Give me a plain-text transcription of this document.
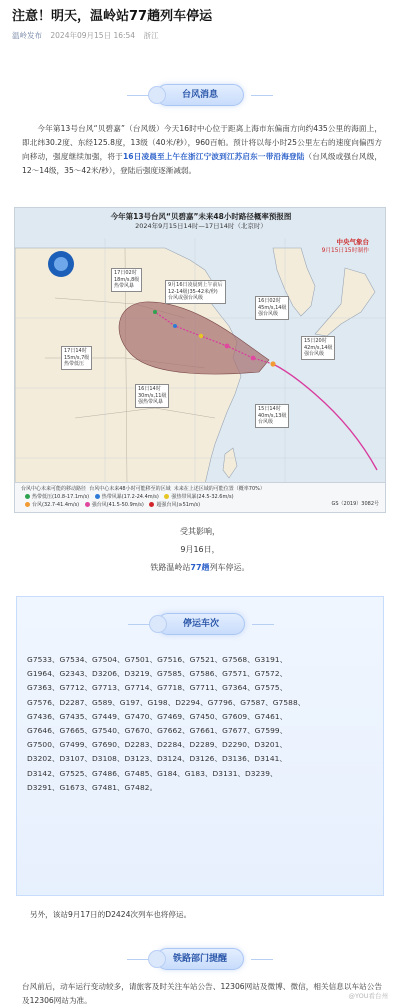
注意！明天，温岭站77趟列车停运
温岭发布 2024年09月15日 16:54 浙江
台风消息
  今年第13号台风“贝碧嘉”（台风级）今天16时中心位于距离上海市东偏南方向约435公里的海面上，即北纬30.2度、东经125.8度，13级（40米/秒），960百帕。预计将以每小时25公里左右的速度向偏西方向移动，强度继续加强，将于16日凌晨至上午在浙江宁波到江苏启东一带沿海登陆（台风级或强台风级，12～14级，35～42米/秒），登陆后强度逐渐减弱。
今年第13号台风“贝碧嘉”未来48小时路径概率预报图
2024年9月15日14时—17日14时（北京时）
中央气象台
9月15日15时制作
17日02时
18m/s,8级
热带风暴	9月16日凌晨到上午前后
12-14级(35-42米/秒)
台风或强台风级	16日02时
45m/s,14级
强台风级
15日20时
42m/s,14级
强台风级
17日14时
15m/s,7级
热带低压
16日14时
30m/s,11级
强热带风暴
15日14时
40m/s,13级
台风级
台风中心未来可能的移动路径 台风中心未来48小时可能移至的区域 未来在上述区域的可能位置（概率70%）
热带低压(10.8-17.1m/s)	热带风暴(17.2-24.4m/s)	强热带风暴(24.5-32.6m/s)
台风(32.7-41.4m/s)	强台风(41.5-50.9m/s)	超强台风(≥51m/s)	GS（2019）3082号
受其影响，
9月16日，
铁路温岭站77趟列车停运。
停运车次
G7533、G7534、G7504、G7501、G7516、G7521、G7568、G3191、
G1964、G2343、D3206、D3219、G7585、G7586、G7571、G7572、
G7363、G7712、G7713、G7714、G7718、G7711、G7364、G7575、
G7576、D2287、G589、G197、G198、D2294、G7796、G7587、G7588、
G7436、G7435、G7449、G7470、G7469、G7450、G7609、G7461、
G7646、G7665、G7540、G7670、G7662、G7661、G7677、G7599、
G7500、G7499、G7690、D2283、D2284、D2289、D2290、D3201、
D3202、D3107、D3108、D3123、D3124、D3126、D3136、D3141、
D3142、G7525、G7486、G7485、G184、G183、D3131、D3239、
D3291、G1673、G7481、G7482。
另外，该站9月17日的D2424次列车也将停运。
铁路部门提醒
台风前后，动车运行变动较多，请旅客及时关注车站公告、12306网站及微博、微信，相关信息以车站公告及12306网站为准。	@YOU看台州
